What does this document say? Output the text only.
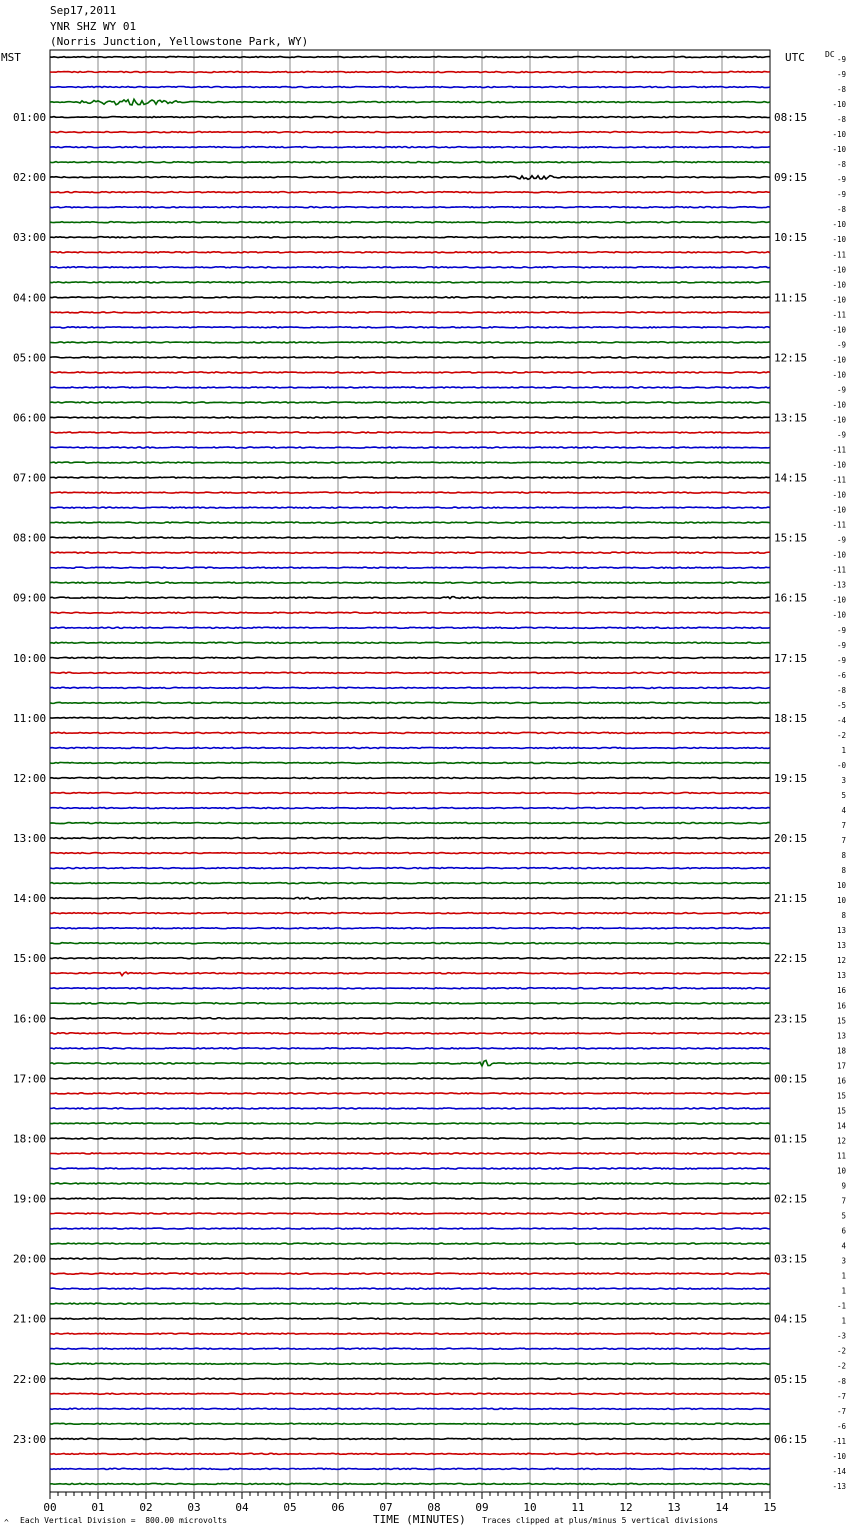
Sep17,2011
YNR SHZ WY 01
(Norris Junction, Yellowstone Park, WY)
MST	UTC	DC
00	01	02	03	04	05	06	07	08	09	10	11	12	13	14	15
-9
-9
-8
-10
-8
-10
-10
-8
-9
-9
-8
-10
-10
-11
-10
-10
-10
-11
-10
-9
-10
-10
-9
-10
-10
-9
-11
-10
-11
-10
-10
-11
-9
-10
-11
-13
-10
-10
-9
-9
-9
-6
-8
-5
-4
-2
1
-0
3
5
4
7
7
8
8
10
10
8
13
13
12
13
16
16
15
13
18
17
16
15
15
14
12
11
10
9
7
5
6
4
3
1
1
-1
1
-3
-2
-2
-8
-7
-7
-6
-11
-10
-14
-13
01:00
02:00
03:00
04:00
05:00
06:00
07:00
08:00
09:00
10:00
11:00
12:00
13:00
14:00
15:00
16:00
17:00
18:00
19:00
20:00
21:00
22:00
23:00
08:15
09:15
10:15
11:15
12:15
13:15
14:15
15:15
16:15
17:15
18:15
19:15
20:15
21:15
22:15
23:15
00:15
01:15
02:15
03:15
04:15
05:15
06:15
^ Each Vertical Division =  800.00 microvolts	TIME (MINUTES) Traces clipped at plus/minus 5 vertical divisions
